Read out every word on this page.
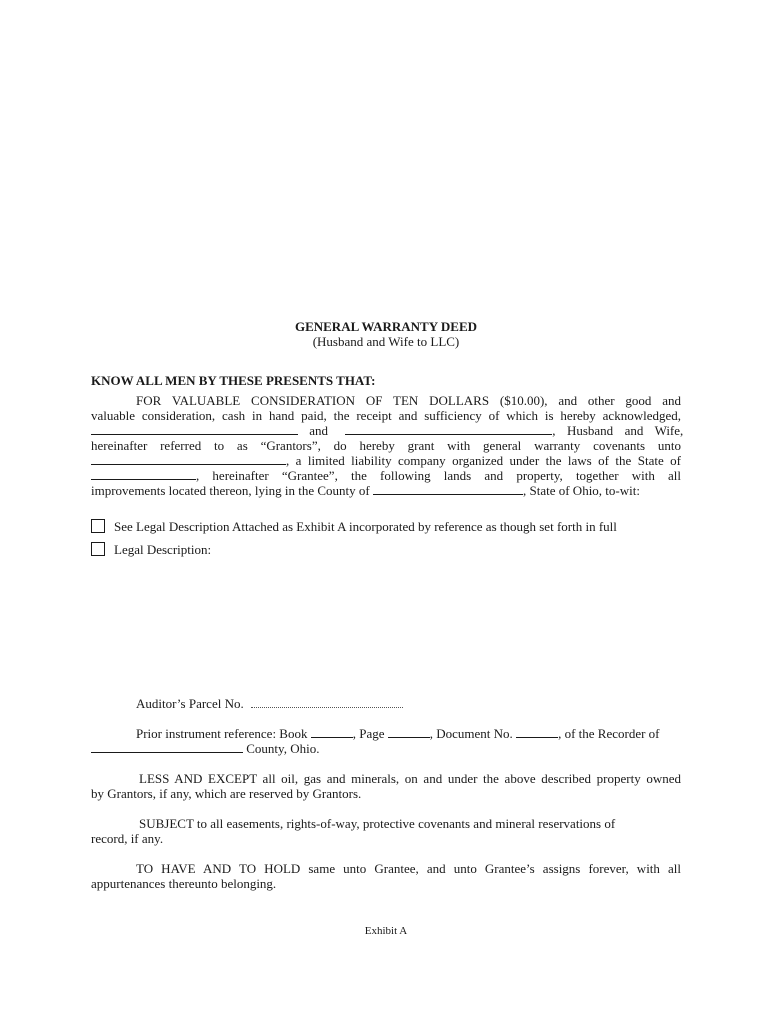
GENERAL WARRANTY DEED
(Husband and Wife to LLC)
KNOW ALL MEN BY THESE PRESENTS THAT:
FOR VALUABLE CONSIDERATION OF TEN DOLLARS ($10.00), and other good and
valuable consideration, cash in hand paid, the receipt and sufficiency of which is hereby acknowledged,
and	, Husband and Wife,
hereinafter referred to as “Grantors”, do hereby grant with general warranty covenants unto
, a limited liability company organized under the laws of the State of
, hereinafter “Grantee”, the following lands and property, together with all
improvements located thereon, lying in the County of	, State of Ohio, to-wit:
See Legal Description Attached as Exhibit A incorporated by reference as though set forth in full
Legal Description:
Auditor’s Parcel No.
Prior instrument reference: Book	, Page	, Document No.	, of the Recorder of
County, Ohio.
LESS AND EXCEPT all oil, gas and minerals, on and under the above described property owned
by Grantors, if any, which are reserved by Grantors.
SUBJECT to all easements, rights-of-way, protective covenants and mineral reservations of
record, if any.
TO HAVE AND TO HOLD same unto Grantee, and unto Grantee’s assigns forever, with all
appurtenances thereunto belonging.
Exhibit A
